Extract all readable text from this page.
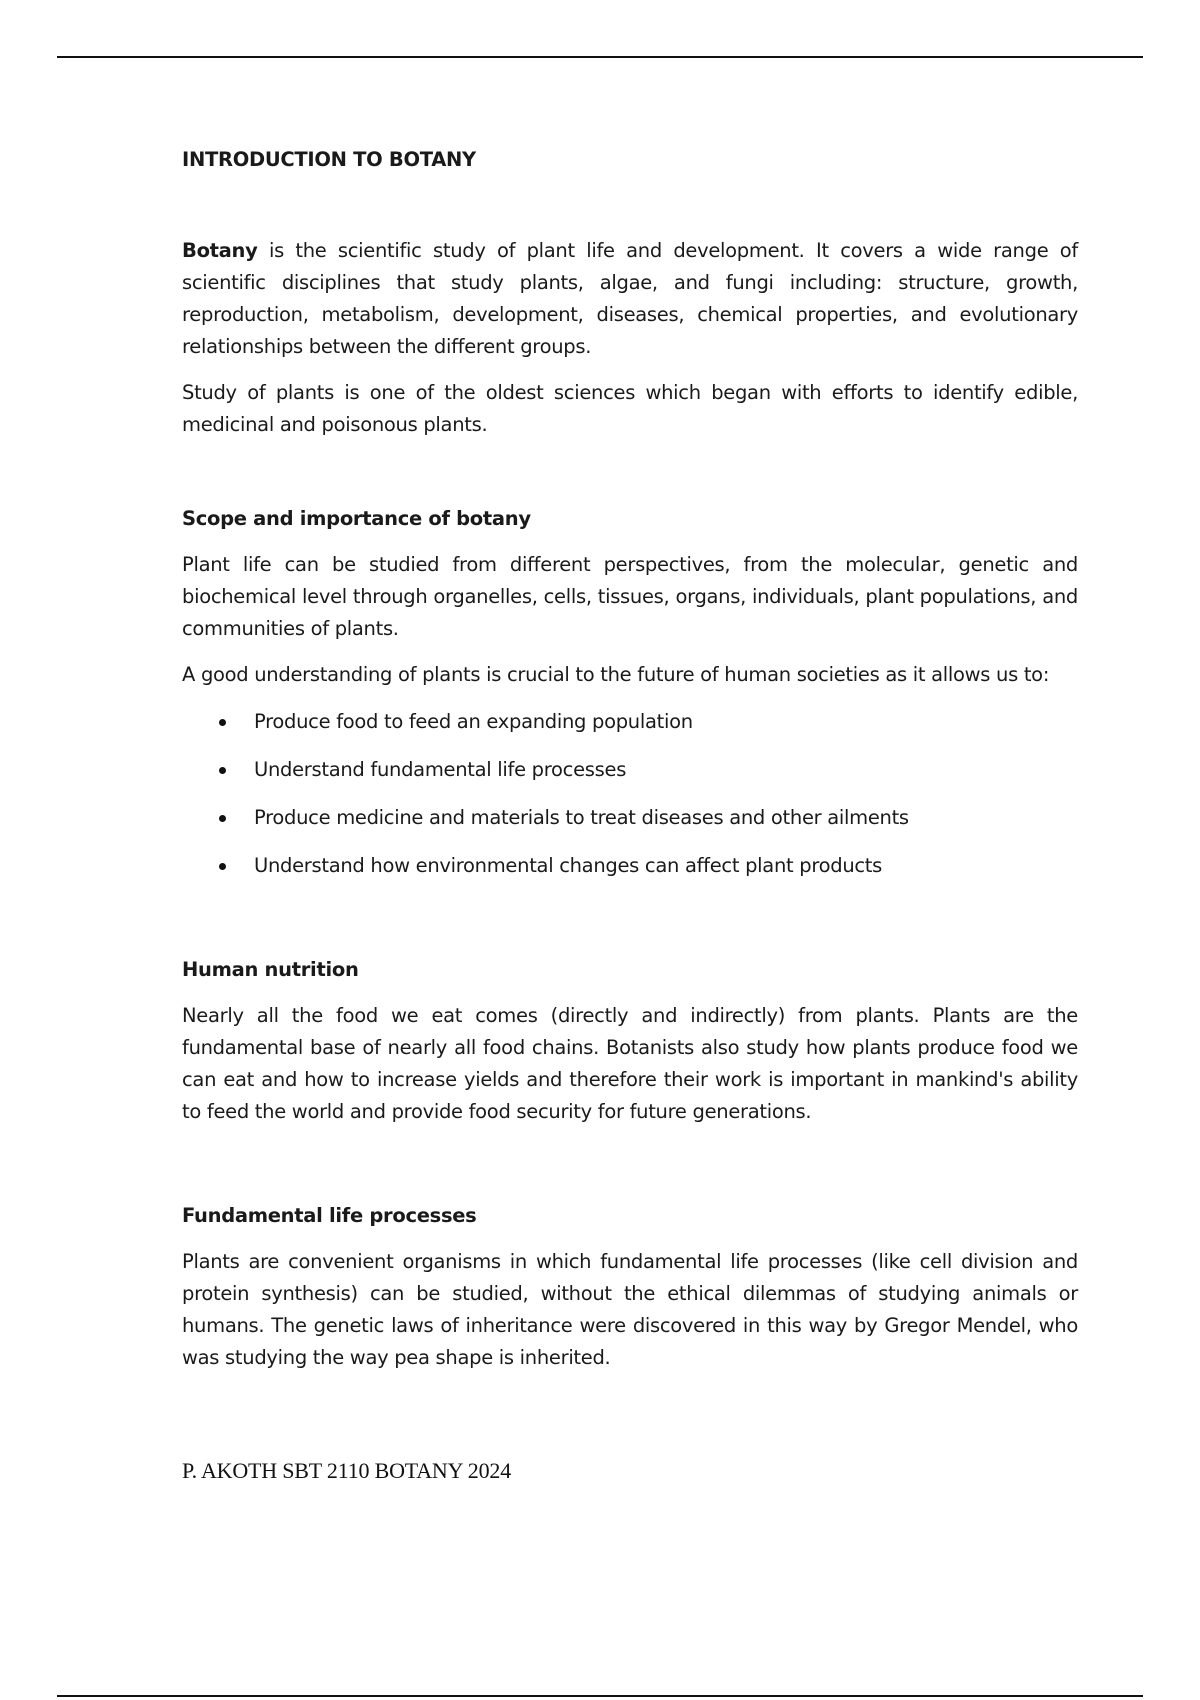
INTRODUCTION TO BOTANY

Botany is the scientific study of plant life and development. It covers a wide range of scientific disciplines that study plants, algae, and fungi including: structure, growth, reproduction, metabolism, development, diseases, chemical properties, and evolutionary relationships between the different groups.

Study of plants is one of the oldest sciences which began with efforts to identify edible, medicinal and poisonous plants.

Scope and importance of botany

Plant life can be studied from different perspectives, from the molecular, genetic and biochemical level through organelles, cells, tissues, organs, individuals, plant populations, and communities of plants.

A good understanding of plants is crucial to the future of human societies as it allows us to:

Produce food to feed an expanding population
Understand fundamental life processes
Produce medicine and materials to treat diseases and other ailments
Understand how environmental changes can affect plant products
Human nutrition

Nearly all the food we eat comes (directly and indirectly) from plants. Plants are the fundamental base of nearly all food chains. Botanists also study how plants produce food we can eat and how to increase yields and therefore their work is important in mankind's ability to feed the world and provide food security for future generations.

Fundamental life processes

Plants are convenient organisms in which fundamental life processes (like cell division and protein synthesis) can be studied, without the ethical dilemmas of studying animals or humans. The genetic laws of inheritance were discovered in this way by Gregor Mendel, who was studying the way pea shape is inherited.

P. AKOTH SBT 2110 BOTANY 2024
